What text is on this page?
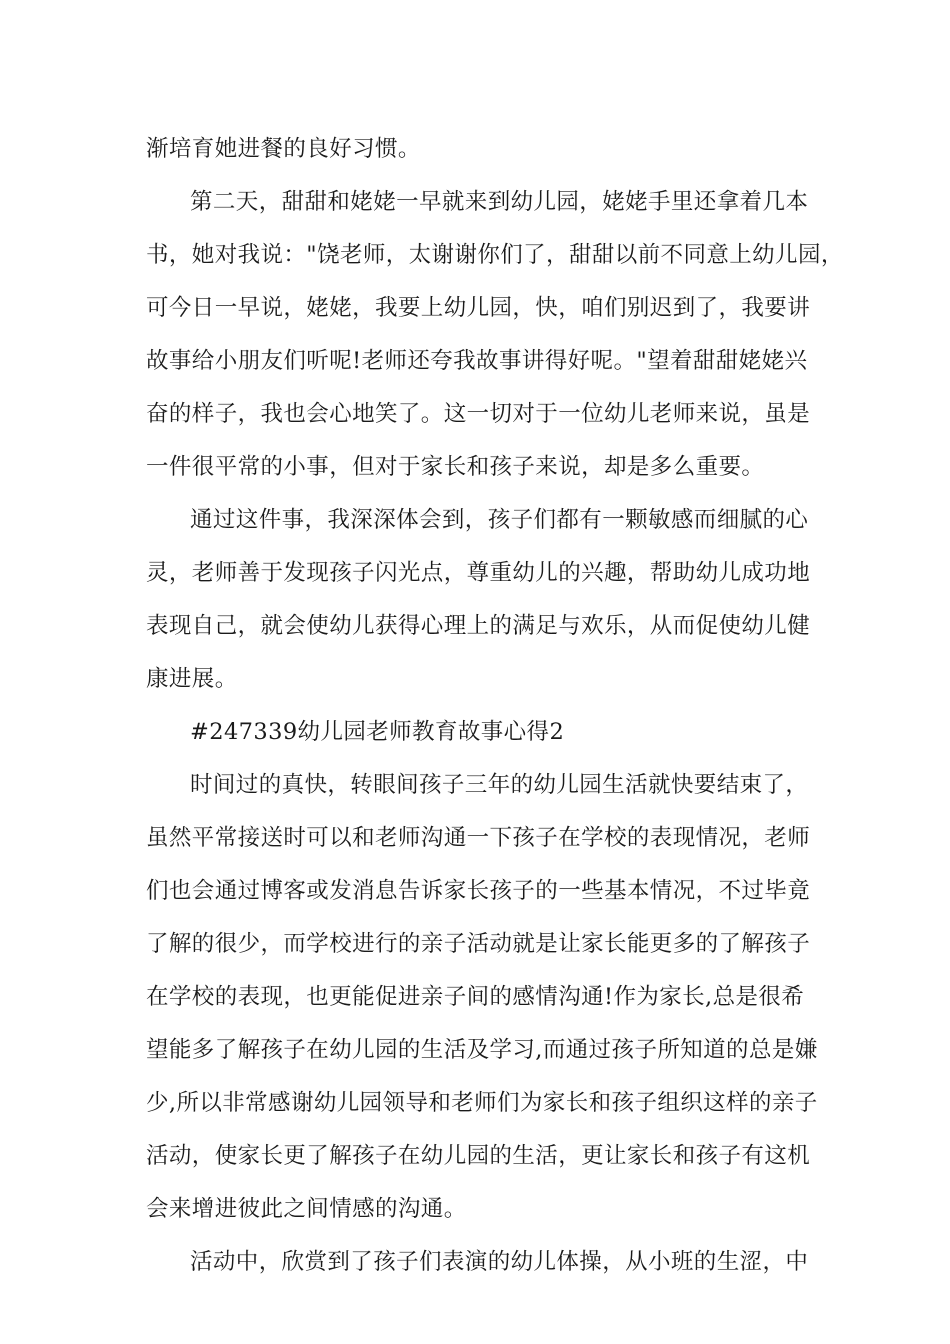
渐培育她进餐的良好习惯。

第二天，甜甜和姥姥一早就来到幼儿园，姥姥手里还拿着几本

书，她对我说："饶老师，太谢谢你们了，甜甜以前不同意上幼儿园，

可今日一早说，姥姥，我要上幼儿园，快，咱们别迟到了，我要讲

故事给小朋友们听呢!老师还夸我故事讲得好呢。"望着甜甜姥姥兴

奋的样子，我也会心地笑了。这一切对于一位幼儿老师来说，虽是

一件很平常的小事，但对于家长和孩子来说，却是多么重要。

通过这件事，我深深体会到，孩子们都有一颗敏感而细腻的心

灵，老师善于发现孩子闪光点，尊重幼儿的兴趣，帮助幼儿成功地

表现自己，就会使幼儿获得心理上的满足与欢乐，从而促使幼儿健

康进展。

#247339幼儿园老师教育故事心得2

时间过的真快，转眼间孩子三年的幼儿园生活就快要结束了，

虽然平常接送时可以和老师沟通一下孩子在学校的表现情况，老师

们也会通过博客或发消息告诉家长孩子的一些基本情况，不过毕竟

了解的很少，而学校进行的亲子活动就是让家长能更多的了解孩子

在学校的表现，也更能促进亲子间的感情沟通!作为家长,总是很希

望能多了解孩子在幼儿园的生活及学习,而通过孩子所知道的总是嫌

少,所以非常感谢幼儿园领导和老师们为家长和孩子组织这样的亲子

活动，使家长更了解孩子在幼儿园的生活，更让家长和孩子有这机

会来增进彼此之间情感的沟通。

活动中，欣赏到了孩子们表演的幼儿体操，从小班的生涩，中
